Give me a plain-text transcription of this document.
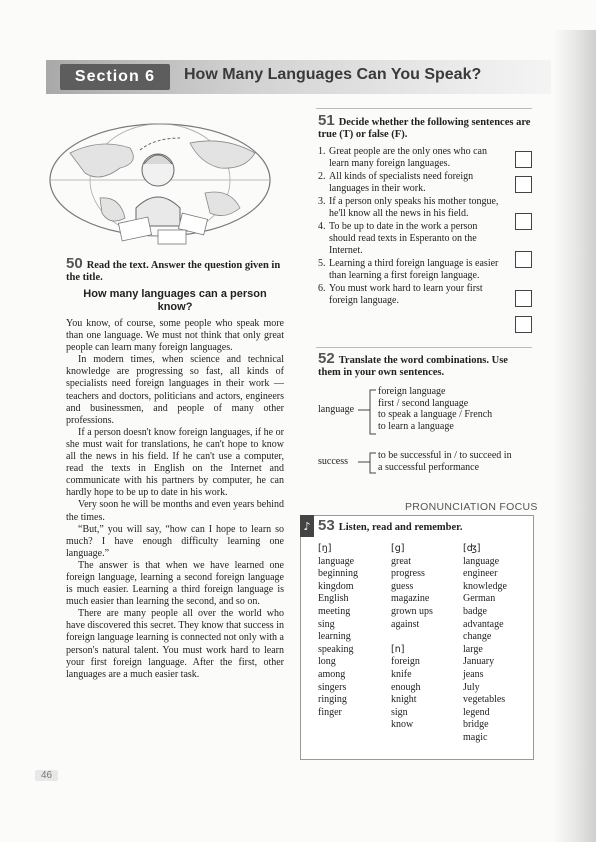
Section 6 How Many Languages Can You Speak?
50 Read the text. Answer the question given in the title.
How many languages can a person know?

You know, of course, some people who speak more than one language. We must not think that only great people can learn many foreign languages.

In modern times, when science and technical knowledge are progressing so fast, all kinds of specialists need foreign languages in their work — teachers and doctors, politicians and actors, engineers and businessmen, and people of many other professions.

If a person doesn't know foreign languages, if he or she must wait for translations, he can't hope to know all the news in his field. If he can't use a computer, read the texts in English on the Internet and communicate with his partners by computer, he can hardly hope to be up to date in his work.

Very soon he will be months and even years behind the times.

“But,” you will say, “how can I hope to learn so much? I have enough difficulty learning one language.”

The answer is that when we have learned one foreign language, learning a second foreign language is much easier. Learning a third foreign language is much easier than learning the second, and so on.

There are many people all over the world who have discovered this secret. They know that success in foreign language learning is connected not only with a person's natural talent. You must work hard to learn your first foreign language. After the first, other languages are a much easier task.

51 Decide whether the following sentences are true (T) or false (F).
1. Great people are the only ones who can learn many foreign languages.
2. All kinds of specialists need foreign languages in their work.
3. If a person only speaks his mother tongue, he'll know all the news in his field.
4. To be up to date in the work a person should read texts in Esperanto on the Internet.
5. Learning a third foreign language is easier than learning a first foreign language.
6. You must work hard to learn your first foreign language.
52 Translate the word combinations. Use them in your own sentences.
language
foreign language
first / second language
to speak a language / French
to learn a language
success
to be successful in / to succeed in
a successful performance
PRONUNCIATION FOCUS
♪ 53 Listen, read and remember.
[ŋ]
language
beginning
kingdom
English
meeting
sing
learning
speaking
long
among
singers
ringing
finger
[g]
great
progress
guess
magazine
grown ups
against

[n]
foreign
knife
enough
knight
sign
know
[ʤ]
language
engineer
knowledge
German
badge
advantage
change
large
January
jeans
July
vegetables
legend
bridge
magic
46
